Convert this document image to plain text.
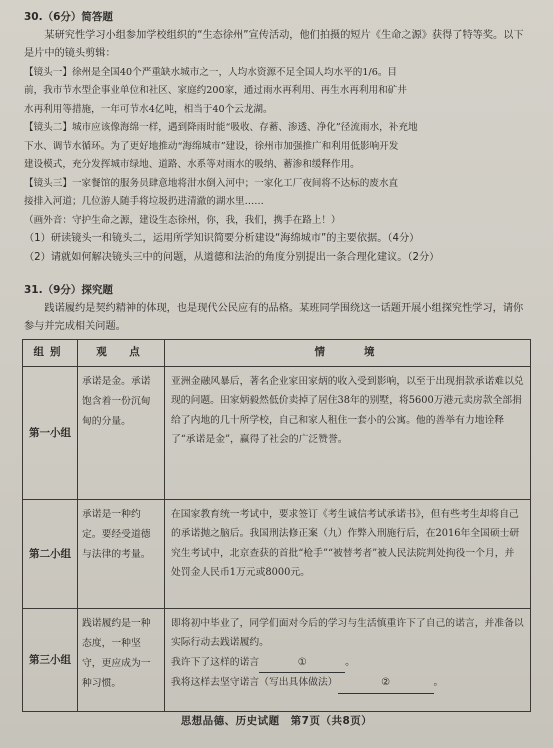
30.（6分）简答题

某研究性学习小组参加学校组织的“生态徐州”宣传活动，他们拍摄的短片《生命之源》获得了特等奖。以下是片中的镜头剪辑：

【镜头一】徐州是全国40个严重缺水城市之一，人均水资源不足全国人均水平的1/6。目

前，我市节水型企事业单位和社区、家庭约200家，通过雨水再利用、再生水再利用和矿井

水再利用等措施，一年可节水4亿吨，相当于40个云龙湖。

【镜头二】城市应该像海绵一样，遇到降雨时能“吸收、存蓄、渗透、净化”径流雨水，补充地

下水、调节水循环。为了更好地推动“海绵城市”建设，徐州市加强推广和利用低影响开发

建设模式，充分发挥城市绿地、道路、水系等对雨水的吸纳、蓄渗和缓释作用。

【镜头三】一家餐馆的服务员肆意地将泔水倒入河中；一家化工厂夜间将不达标的废水直

接排入河道；几位游人随手将垃圾扔进清澈的湖水里……

（画外音：守护生命之源，建设生态徐州，你，我，我们，携手在路上！）

（1）研读镜头一和镜头二，运用所学知识简要分析建设“海绵城市”的主要依据。（4分）

（2）请就如何解决镜头三中的问题，从道德和法治的角度分别提出一条合理化建议。（2分）

31.（9分）探究题

践诺履约是契约精神的体现，也是现代公民应有的品格。某班同学围绕这一话题开展小组探究性学习，请你参与并完成相关问题。

组别	观　点	情　　境
第一小组	承诺是金。承诺饱含着一份沉甸甸的分量。	亚洲金融风暴后，著名企业家田家炳的收入受到影响，以至于出现捐款承诺难以兑现的问题。田家炳毅然低价卖掉了居住38年的别墅，将5600万港元卖房款全部捐给了内地的几十所学校，自己和家人租住一套小的公寓。他的善举有力地诠释了“承诺是金”，赢得了社会的广泛赞誉。
第二小组	承诺是一种约定。要经受道德与法律的考量。	在国家教育统一考试中，要求签订《考生诚信考试承诺书》，但有些考生却将自己的承诺抛之脑后。我国刑法修正案（九）作弊入刑施行后，在2016年全国硕士研究生考试中，北京查获的首批“枪手”“被替考者”被人民法院判处拘役一个月，并处罚金人民币1万元或8000元。
第三小组	践诺履约是一种态度，一种坚守，更应成为一种习惯。	即将初中毕业了，同学们面对今后的学习与生活慎重许下了自己的诺言，并准备以实际行动去践诺履约。
我许下了这样的诺言 ① 。
我将这样去坚守诺言（写出具体做法） ② 。
思想品德、历史试题　第7页（共8页）
